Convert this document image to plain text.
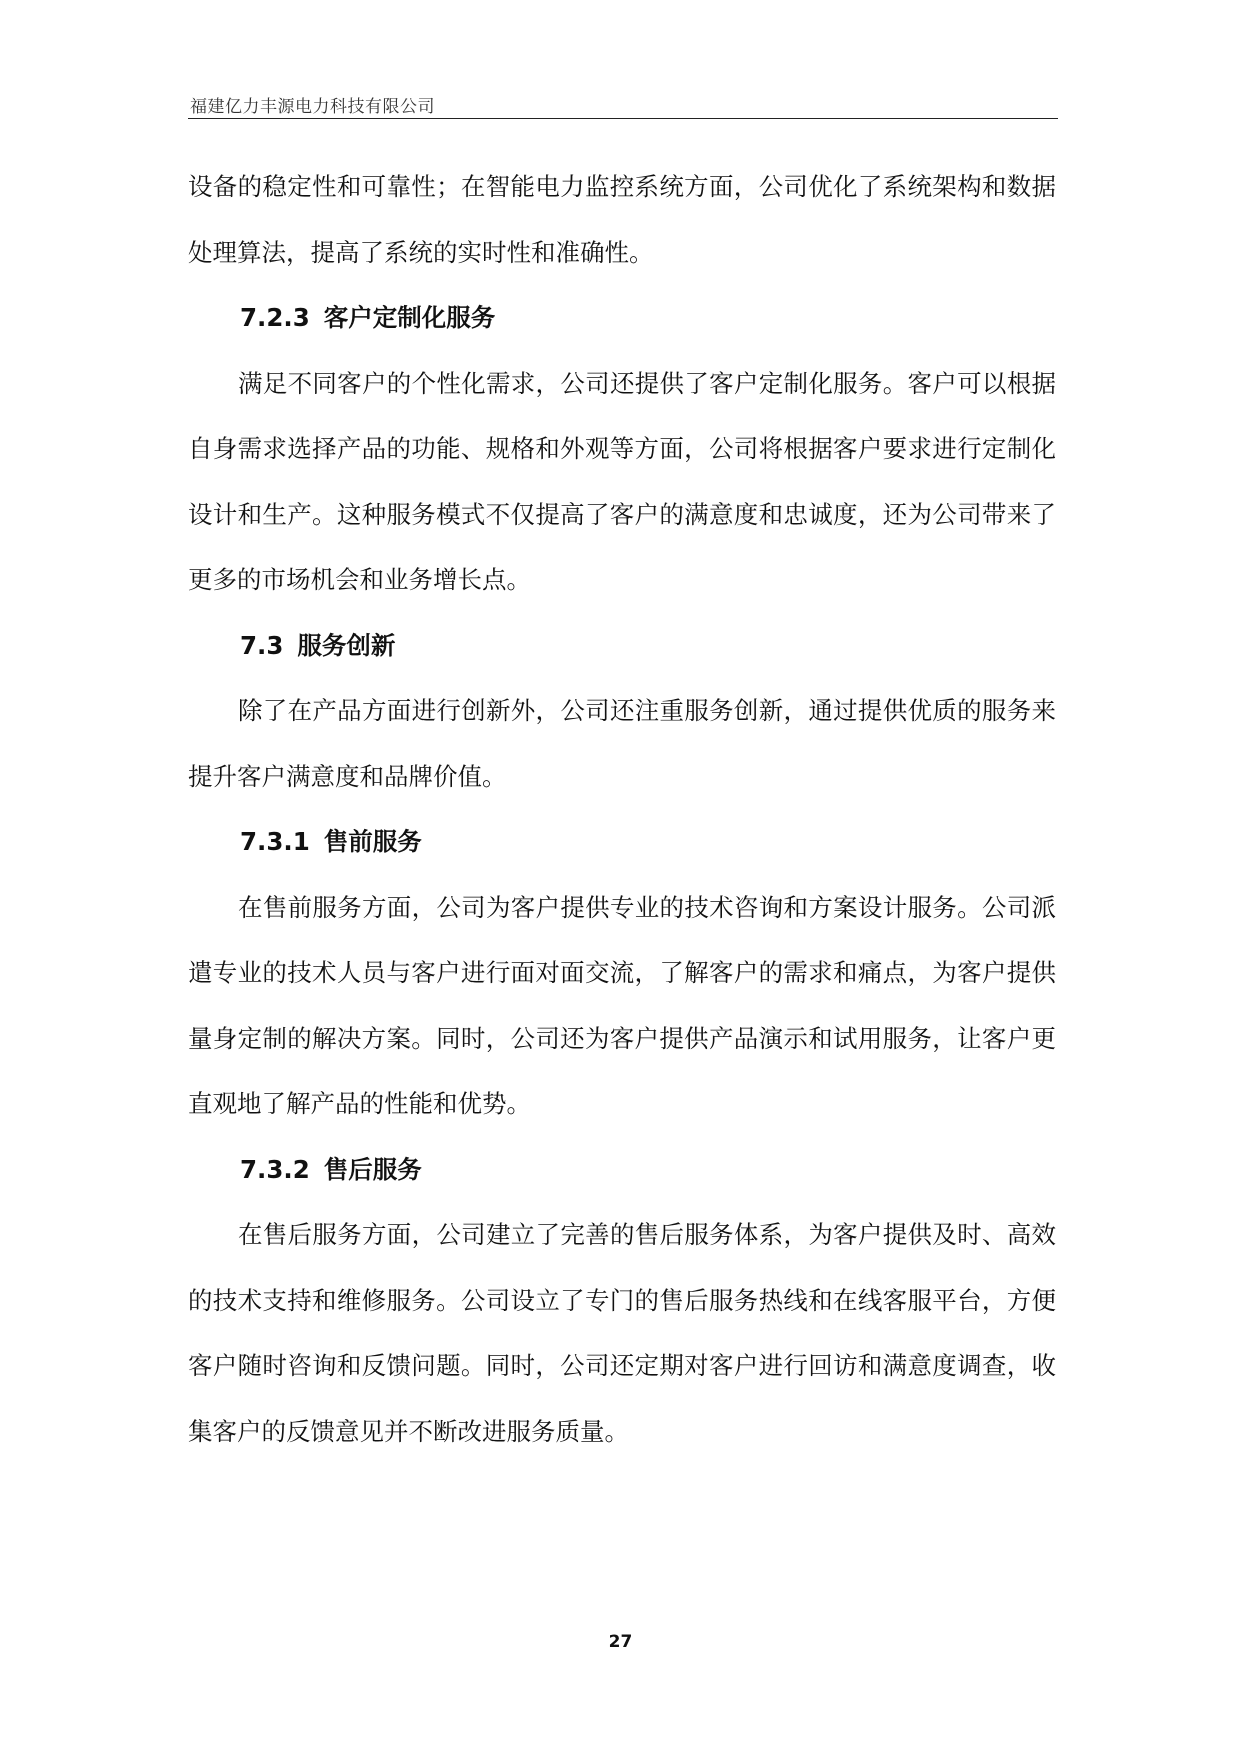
福建亿力丰源电力科技有限公司

设备的稳定性和可靠性；在智能电力监控系统方面，公司优化了系统架构和数据处理算法，提高了系统的实时性和准确性。

7.2.3 客户定制化服务

满足不同客户的个性化需求，公司还提供了客户定制化服务。客户可以根据自身需求选择产品的功能、规格和外观等方面，公司将根据客户要求进行定制化设计和生产。这种服务模式不仅提高了客户的满意度和忠诚度，还为公司带来了更多的市场机会和业务增长点。

7.3 服务创新

除了在产品方面进行创新外，公司还注重服务创新，通过提供优质的服务来提升客户满意度和品牌价值。

7.3.1 售前服务

在售前服务方面，公司为客户提供专业的技术咨询和方案设计服务。公司派遣专业的技术人员与客户进行面对面交流，了解客户的需求和痛点，为客户提供量身定制的解决方案。同时，公司还为客户提供产品演示和试用服务，让客户更直观地了解产品的性能和优势。

7.3.2 售后服务

在售后服务方面，公司建立了完善的售后服务体系，为客户提供及时、高效的技术支持和维修服务。公司设立了专门的售后服务热线和在线客服平台，方便客户随时咨询和反馈问题。同时，公司还定期对客户进行回访和满意度调查，收集客户的反馈意见并不断改进服务质量。

27
